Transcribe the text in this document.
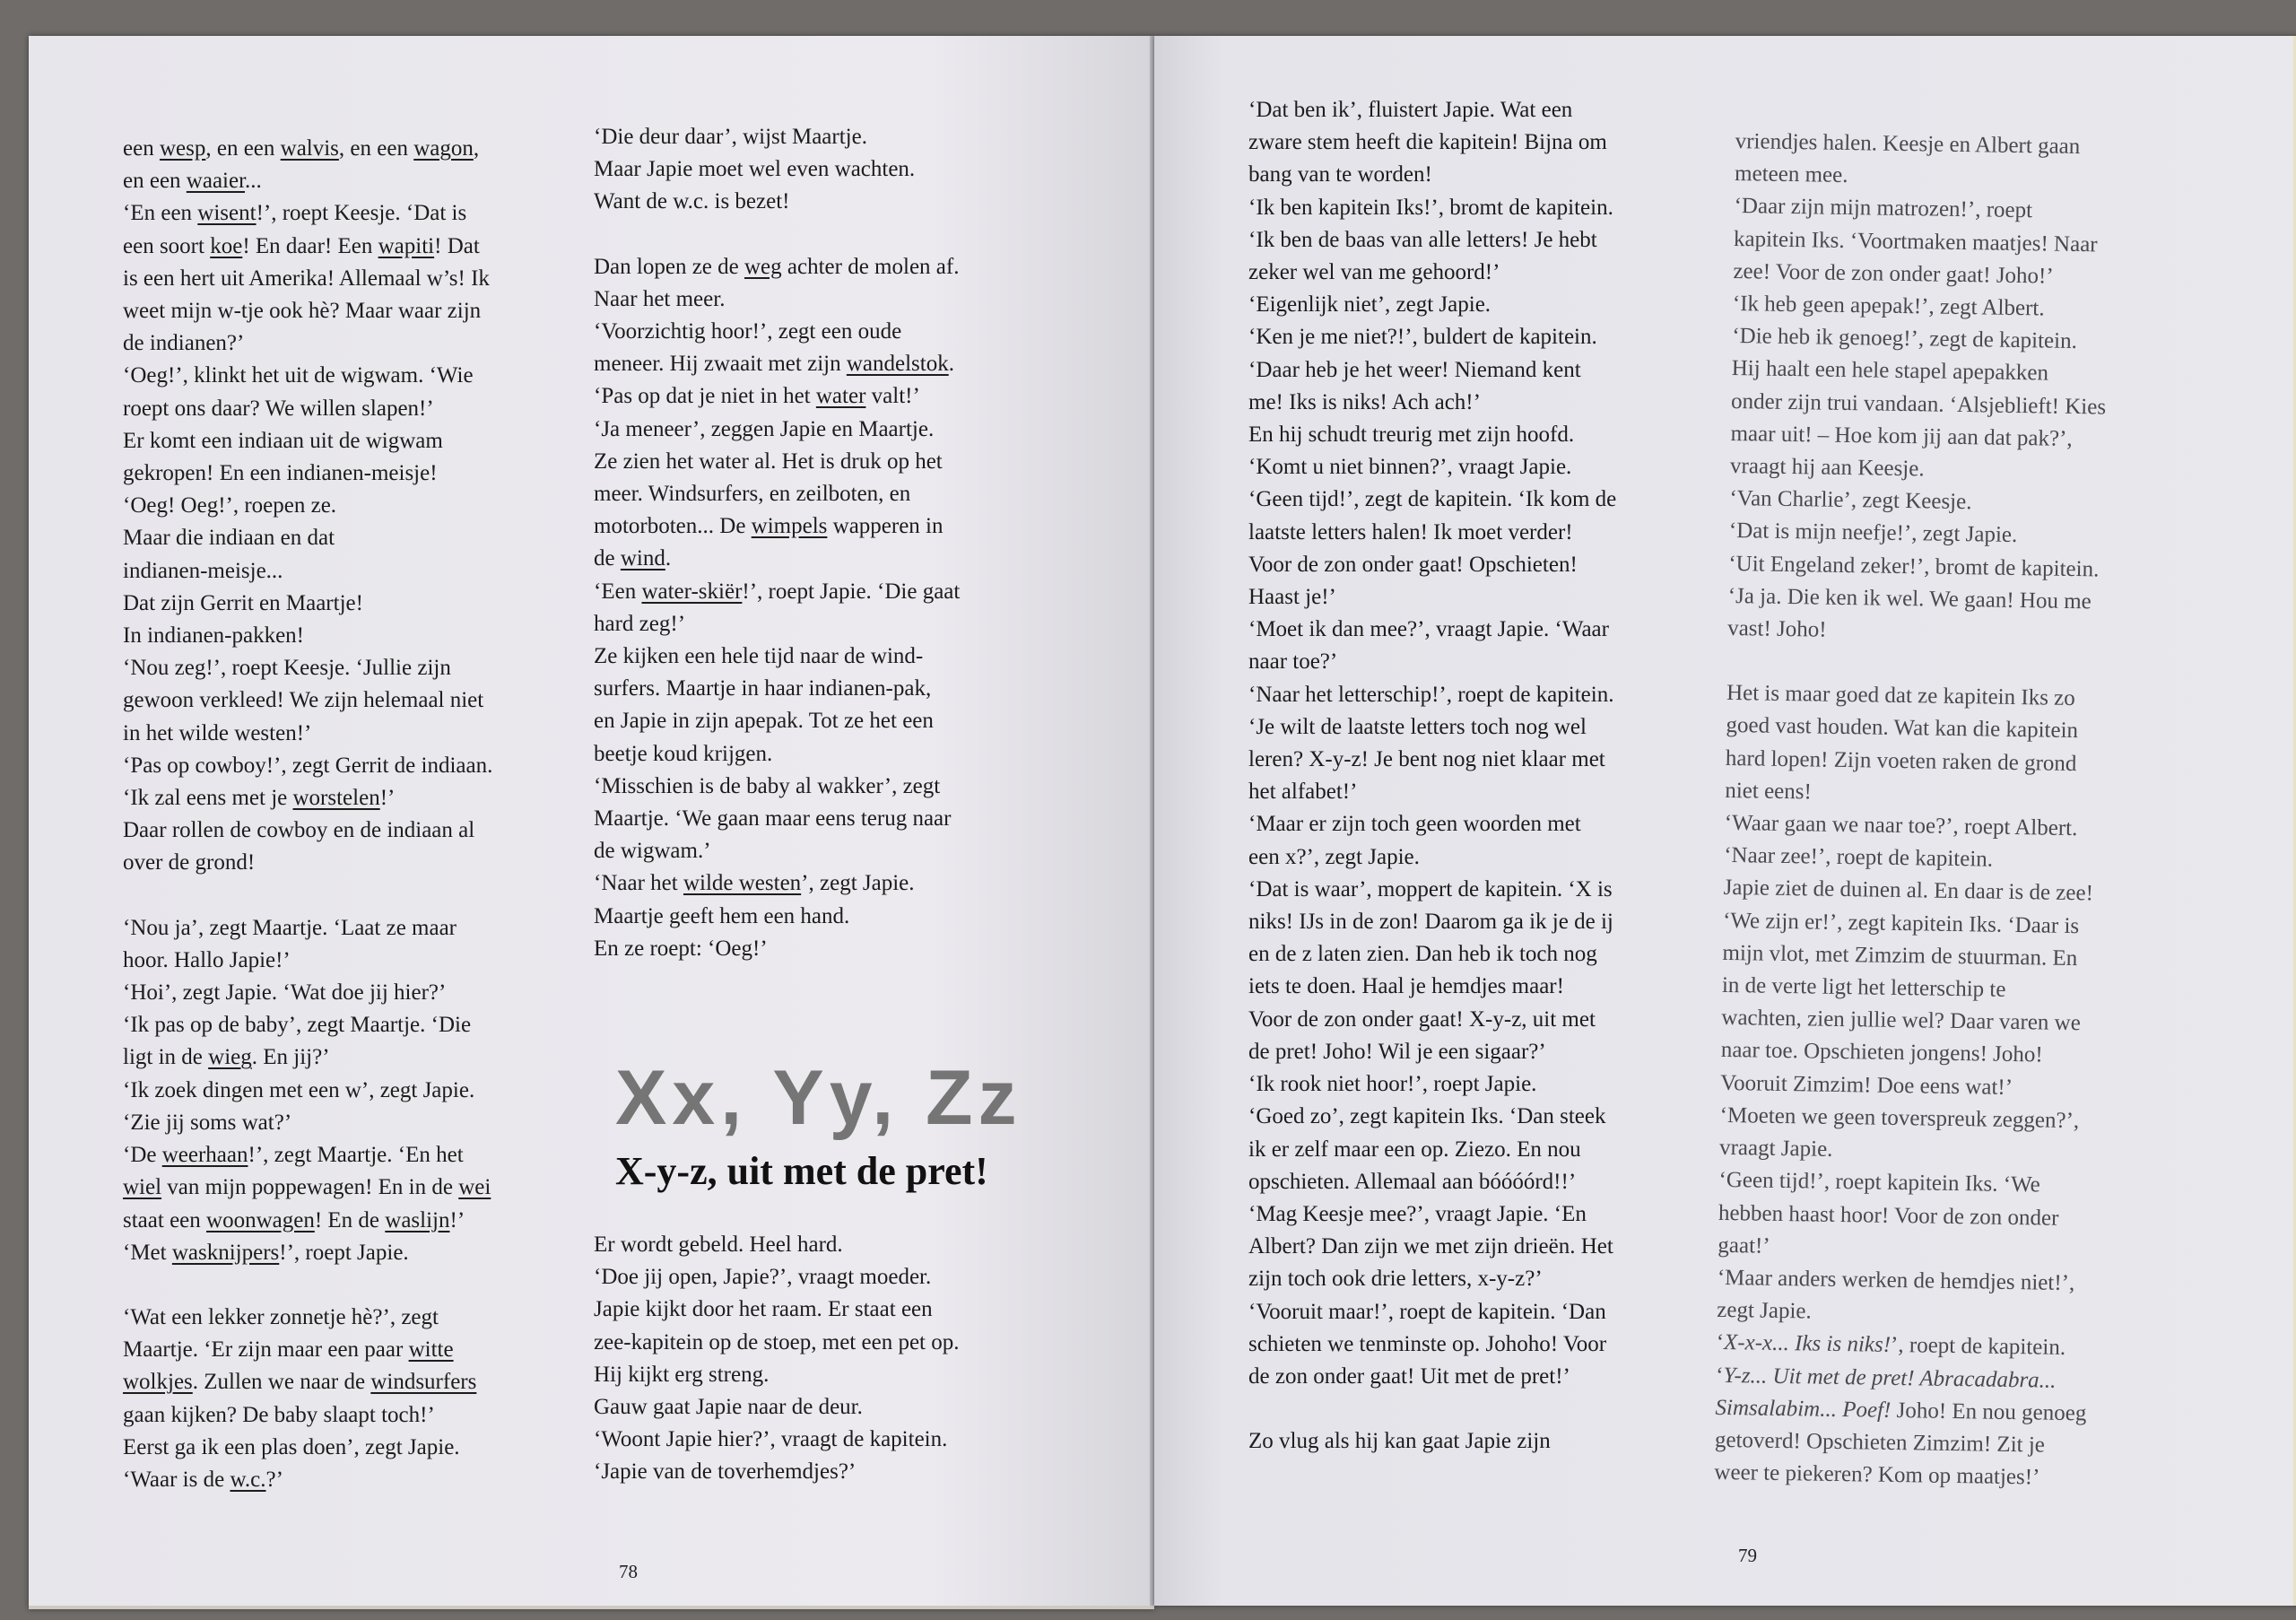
een wesp, en een walvis, en een wagon,
en een waaier...
‘En een wisent!’, roept Keesje. ‘Dat is
een soort koe! En daar! Een wapiti! Dat
is een hert uit Amerika! Allemaal w’s! Ik
weet mijn w-tje ook hè? Maar waar zijn
de indianen?’
‘Oeg!’, klinkt het uit de wigwam. ‘Wie
roept ons daar? We willen slapen!’
Er komt een indiaan uit de wigwam
gekropen! En een indianen-meisje!
‘Oeg! Oeg!’, roepen ze.
Maar die indiaan en dat
indianen-meisje...
Dat zijn Gerrit en Maartje!
In indianen-pakken!
‘Nou zeg!’, roept Keesje. ‘Jullie zijn
gewoon verkleed! We zijn helemaal niet
in het wilde westen!’
‘Pas op cowboy!’, zegt Gerrit de indiaan.
‘Ik zal eens met je worstelen!’
Daar rollen de cowboy en de indiaan al
over de grond!
‘Nou ja’, zegt Maartje. ‘Laat ze maar
hoor. Hallo Japie!’
‘Hoi’, zegt Japie. ‘Wat doe jij hier?’
‘Ik pas op de baby’, zegt Maartje. ‘Die
ligt in de wieg. En jij?’
‘Ik zoek dingen met een w’, zegt Japie.
‘Zie jij soms wat?’
‘De weerhaan!’, zegt Maartje. ‘En het
wiel van mijn poppewagen! En in de wei
staat een woonwagen! En de waslijn!’
‘Met wasknijpers!’, roept Japie.
‘Wat een lekker zonnetje hè?’, zegt
Maartje. ‘Er zijn maar een paar witte
wolkjes. Zullen we naar de windsurfers
gaan kijken? De baby slaapt toch!’
Eerst ga ik een plas doen’, zegt Japie.
‘Waar is de w.c.?’
‘Die deur daar’, wijst Maartje.
Maar Japie moet wel even wachten.
Want de w.c. is bezet!
Dan lopen ze de weg achter de molen af.
Naar het meer.
‘Voorzichtig hoor!’, zegt een oude
meneer. Hij zwaait met zijn wandelstok.
‘Pas op dat je niet in het water valt!’
‘Ja meneer’, zeggen Japie en Maartje.
Ze zien het water al. Het is druk op het
meer. Windsurfers, en zeilboten, en
motorboten... De wimpels wapperen in
de wind.
‘Een water-skiër!’, roept Japie. ‘Die gaat
hard zeg!’
Ze kijken een hele tijd naar de wind-
surfers. Maartje in haar indianen-pak,
en Japie in zijn apepak. Tot ze het een
beetje koud krijgen.
‘Misschien is de baby al wakker’, zegt
Maartje. ‘We gaan maar eens terug naar
de wigwam.’
‘Naar het wilde westen’, zegt Japie.
Maartje geeft hem een hand.
En ze roept: ‘Oeg!’
Xx, Yy, Zz
X-y-z, uit met de pret!
Er wordt gebeld. Heel hard.
‘Doe jij open, Japie?’, vraagt moeder.
Japie kijkt door het raam. Er staat een
zee-kapitein op de stoep, met een pet op.
Hij kijkt erg streng.
Gauw gaat Japie naar de deur.
‘Woont Japie hier?’, vraagt de kapitein.
‘Japie van de toverhemdjes?’
78
‘Dat ben ik’, fluistert Japie. Wat een
zware stem heeft die kapitein! Bijna om
bang van te worden!
‘Ik ben kapitein Iks!’, bromt de kapitein.
‘Ik ben de baas van alle letters! Je hebt
zeker wel van me gehoord!’
‘Eigenlijk niet’, zegt Japie.
‘Ken je me niet?!’, buldert de kapitein.
‘Daar heb je het weer! Niemand kent
me! Iks is niks! Ach ach!’
En hij schudt treurig met zijn hoofd.
‘Komt u niet binnen?’, vraagt Japie.
‘Geen tijd!’, zegt de kapitein. ‘Ik kom de
laatste letters halen! Ik moet verder!
Voor de zon onder gaat! Opschieten!
Haast je!’
‘Moet ik dan mee?’, vraagt Japie. ‘Waar
naar toe?’
‘Naar het letterschip!’, roept de kapitein.
‘Je wilt de laatste letters toch nog wel
leren? X-y-z! Je bent nog niet klaar met
het alfabet!’
‘Maar er zijn toch geen woorden met
een x?’, zegt Japie.
‘Dat is waar’, moppert de kapitein. ‘X is
niks! IJs in de zon! Daarom ga ik je de ij
en de z laten zien. Dan heb ik toch nog
iets te doen. Haal je hemdjes maar!
Voor de zon onder gaat! X-y-z, uit met
de pret! Joho! Wil je een sigaar?’
‘Ik rook niet hoor!’, roept Japie.
‘Goed zo’, zegt kapitein Iks. ‘Dan steek
ik er zelf maar een op. Ziezo. En nou
opschieten. Allemaal aan bóóóórd!!’
‘Mag Keesje mee?’, vraagt Japie. ‘En
Albert? Dan zijn we met zijn drieën. Het
zijn toch ook drie letters, x-y-z?’
‘Vooruit maar!’, roept de kapitein. ‘Dan
schieten we tenminste op. Johoho! Voor
de zon onder gaat! Uit met de pret!’
Zo vlug als hij kan gaat Japie zijn
vriendjes halen. Keesje en Albert gaan
meteen mee.
‘Daar zijn mijn matrozen!’, roept
kapitein Iks. ‘Voortmaken maatjes! Naar
zee! Voor de zon onder gaat! Joho!’
‘Ik heb geen apepak!’, zegt Albert.
‘Die heb ik genoeg!’, zegt de kapitein.
Hij haalt een hele stapel apepakken
onder zijn trui vandaan. ‘Alsjeblieft! Kies
maar uit! – Hoe kom jij aan dat pak?’,
vraagt hij aan Keesje.
‘Van Charlie’, zegt Keesje.
‘Dat is mijn neefje!’, zegt Japie.
‘Uit Engeland zeker!’, bromt de kapitein.
‘Ja ja. Die ken ik wel. We gaan! Hou me
vast! Joho!
Het is maar goed dat ze kapitein Iks zo
goed vast houden. Wat kan die kapitein
hard lopen! Zijn voeten raken de grond
niet eens!
‘Waar gaan we naar toe?’, roept Albert.
‘Naar zee!’, roept de kapitein.
Japie ziet de duinen al. En daar is de zee!
‘We zijn er!’, zegt kapitein Iks. ‘Daar is
mijn vlot, met Zimzim de stuurman. En
in de verte ligt het letterschip te
wachten, zien jullie wel? Daar varen we
naar toe. Opschieten jongens! Joho!
Vooruit Zimzim! Doe eens wat!’
‘Moeten we geen toverspreuk zeggen?’,
vraagt Japie.
‘Geen tijd!’, roept kapitein Iks. ‘We
hebben haast hoor! Voor de zon onder
gaat!’
‘Maar anders werken de hemdjes niet!’,
zegt Japie.
‘X-x-x... Iks is niks!’, roept de kapitein.
‘Y-z... Uit met de pret! Abracadabra...
Simsalabim... Poef! Joho! En nou genoeg
getoverd! Opschieten Zimzim! Zit je
weer te piekeren? Kom op maatjes!’
79
